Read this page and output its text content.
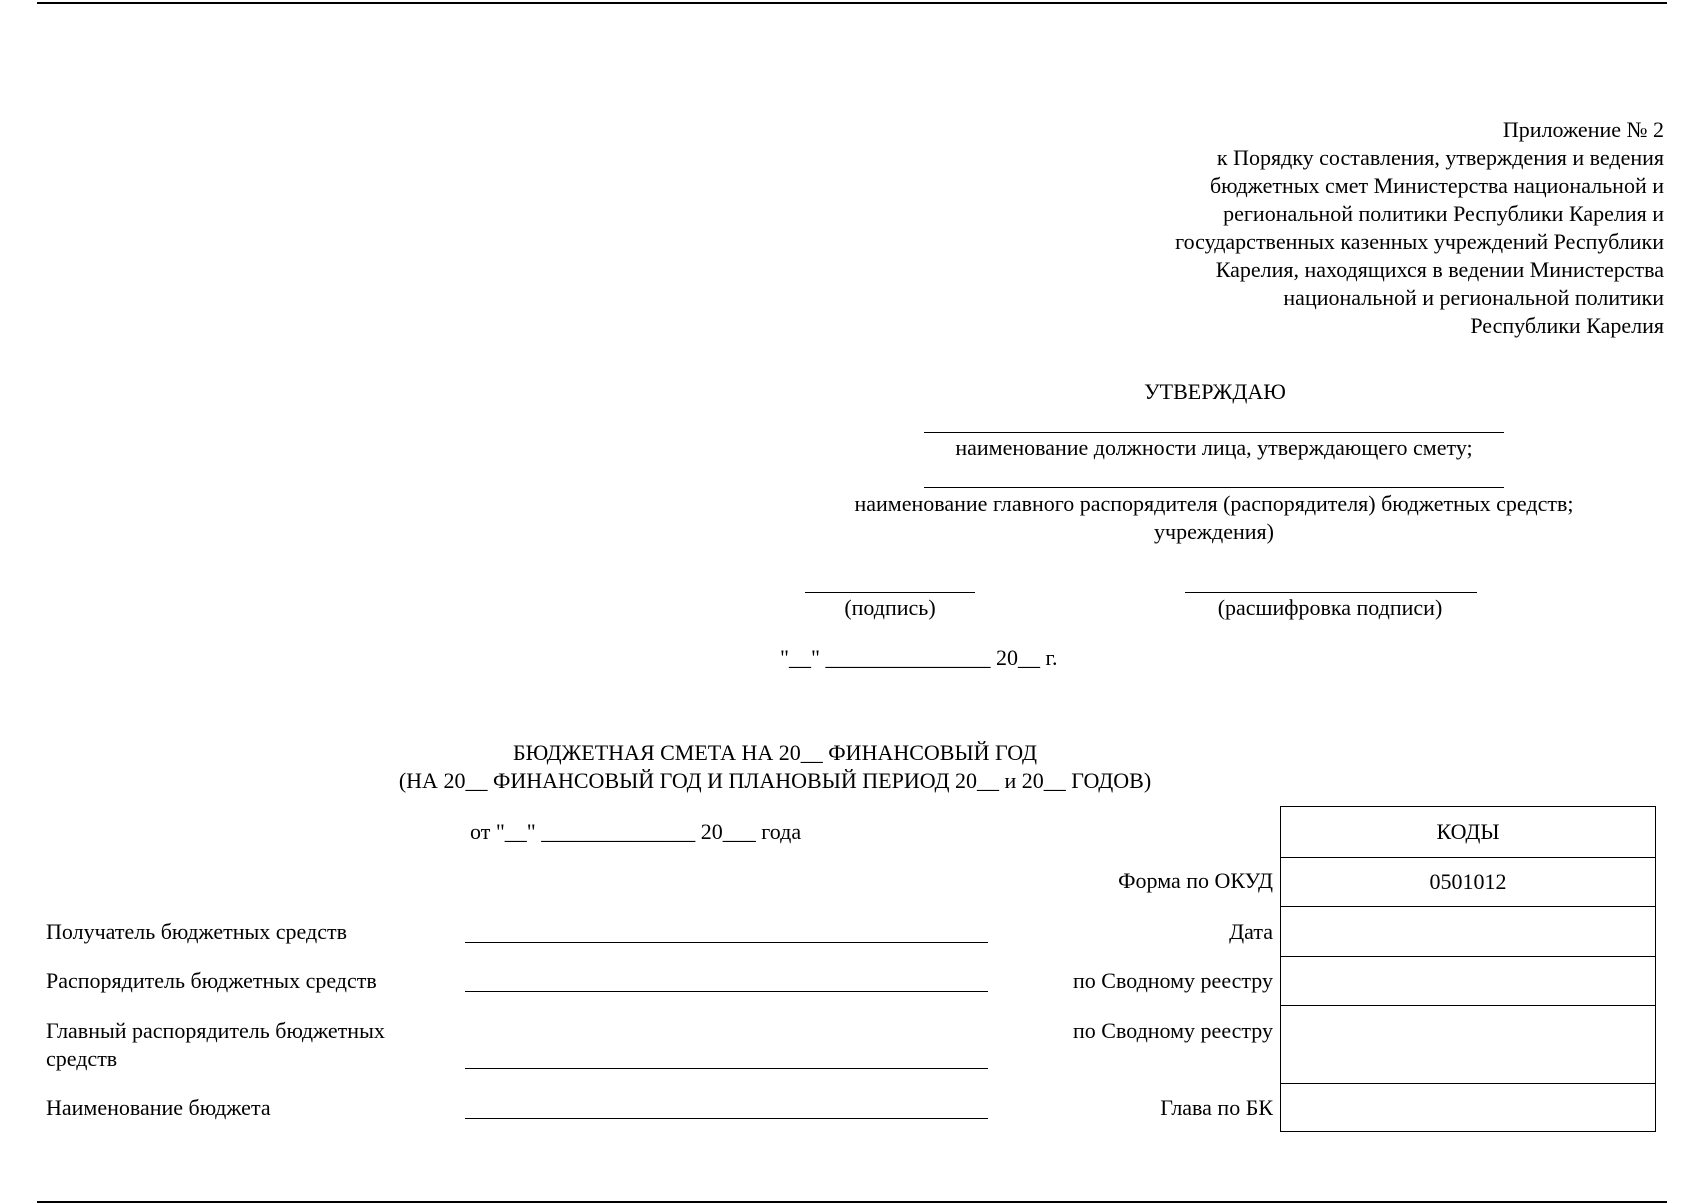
Приложение № 2
к Порядку составления, утверждения и ведения
бюджетных смет Министерства национальной и
региональной политики Республики Карелия и
государственных казенных учреждений Республики
Карелия, находящихся в ведении Министерства
национальной и региональной политики
Республики Карелия
УТВЕРЖДАЮ
наименование должности лица, утверждающего смету;
наименование главного распорядителя (распорядителя) бюджетных средств;
учреждения)
(подпись)	(расшифровка подписи)
"__" _______________ 20__ г.
БЮДЖЕТНАЯ СМЕТА НА 20__ ФИНАНСОВЫЙ ГОД
(НА 20__ ФИНАНСОВЫЙ ГОД И ПЛАНОВЫЙ ПЕРИОД 20__ и 20__ ГОДОВ)
от "__" ______________ 20___ года
Получатель бюджетных средств
Распорядитель бюджетных средств
Главный распорядитель бюджетных
средств
Наименование бюджета
Форма по ОКУД
Дата
по Сводному реестру
по Сводному реестру
Глава по БК
КОДЫ
0501012
